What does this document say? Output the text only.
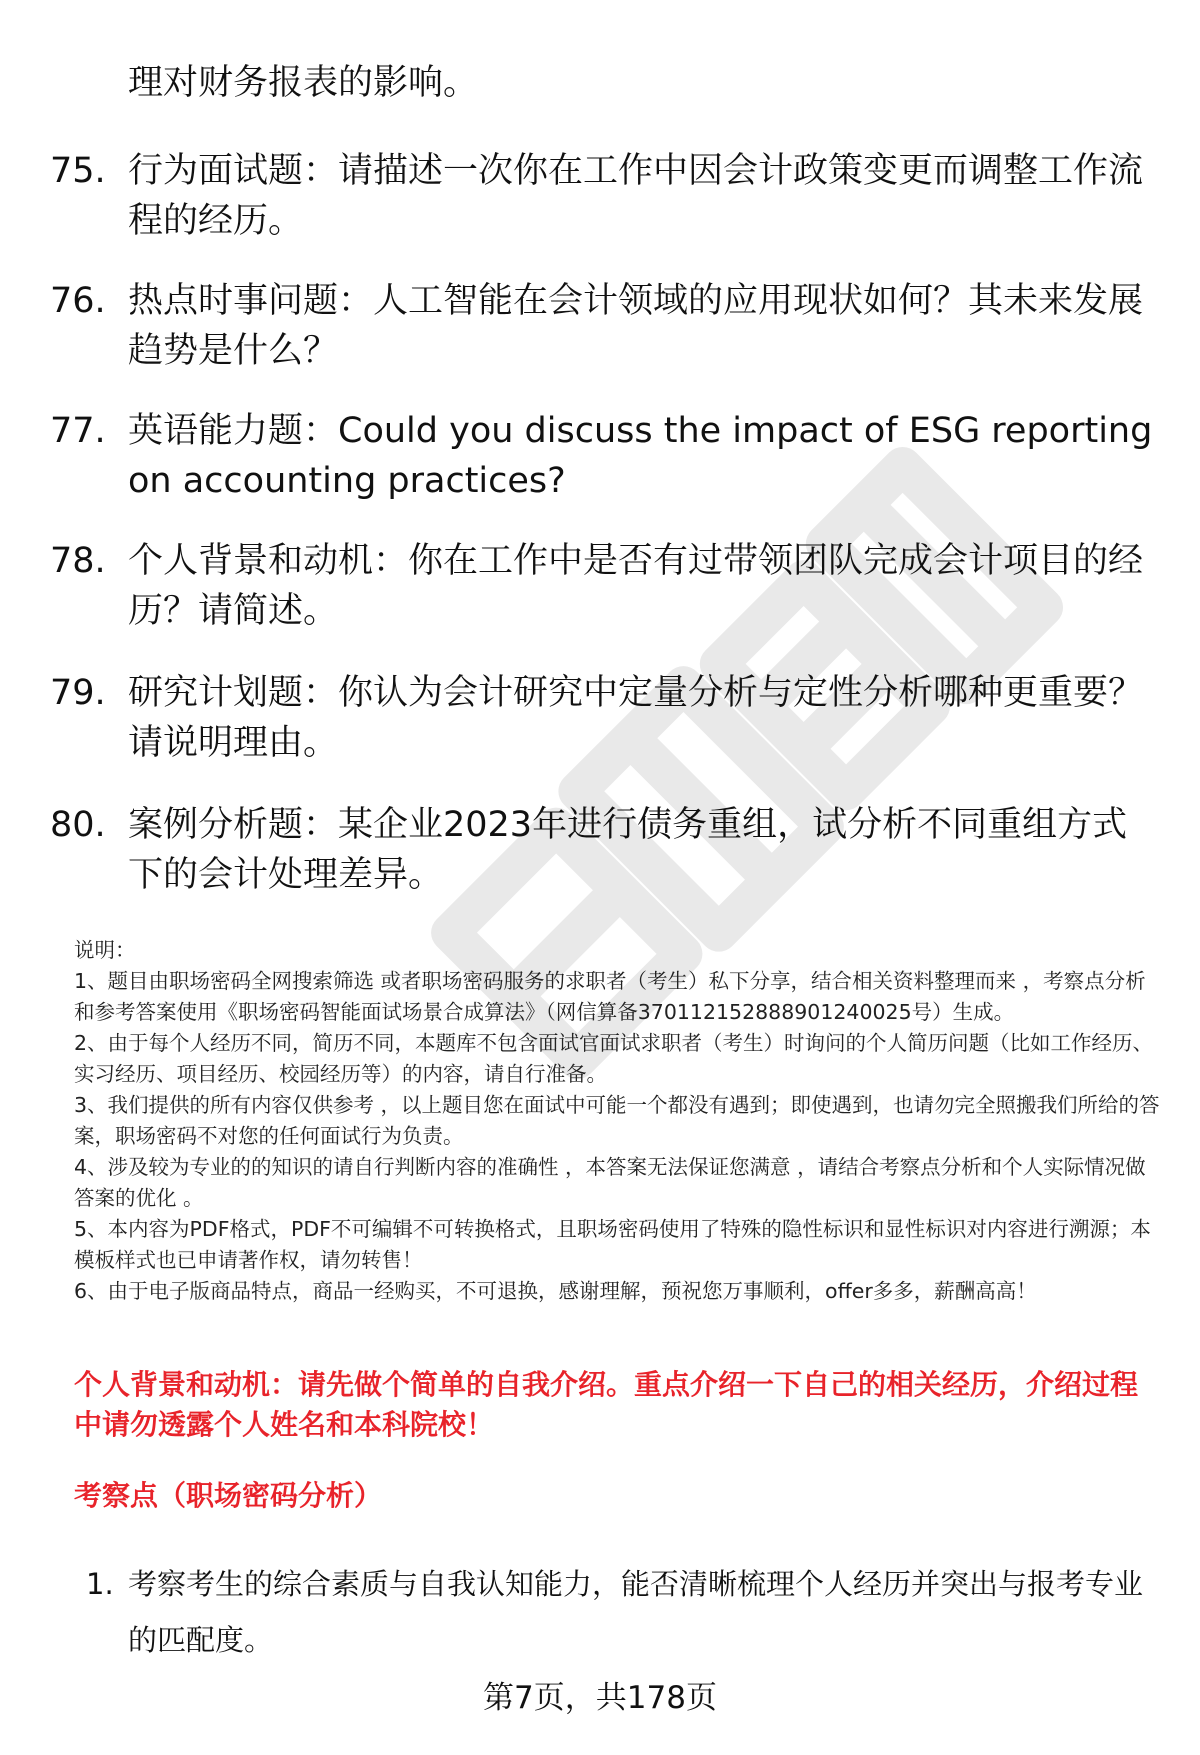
理对财务报表的影响。
75. 行为面试题：请描述一次你在工作中因会计政策变更而调整工作流程的经历。
76. 热点时事问题：人工智能在会计领域的应用现状如何？其未来发展趋势是什么？
77. 英语能力题：Could you discuss the impact of ESG reporting on accounting practices?
78. 个人背景和动机：你在工作中是否有过带领团队完成会计项目的经历？请简述。
79. 研究计划题：你认为会计研究中定量分析与定性分析哪种更重要？请说明理由。
80. 案例分析题：某企业2023年进行债务重组，试分析不同重组方式下的会计处理差异。
说明：
1、题目由职场密码全网搜索筛选 或者职场密码服务的求职者（考生）私下分享，结合相关资料整理而来 ，考察点分析和参考答案使用《职场密码智能面试场景合成算法》（网信算备370112152888901240025号）生成。
2、由于每个人经历不同，简历不同，本题库不包含面试官面试求职者（考生）时询问的个人简历问题（比如工作经历、实习经历、项目经历、校园经历等）的内容，请自行准备。
3、我们提供的所有内容仅供参考 ，以上题目您在面试中可能一个都没有遇到；即使遇到，也请勿完全照搬我们所给的答案，职场密码不对您的任何面试行为负责。
4、涉及较为专业的的知识的请自行判断内容的准确性 ，本答案无法保证您满意 ，请结合考察点分析和个人实际情况做答案的优化 。
5、本内容为PDF格式，PDF不可编辑不可转换格式，且职场密码使用了特殊的隐性标识和显性标识对内容进行溯源；本模板样式也已申请著作权，请勿转售！
6、由于电子版商品特点，商品一经购买，不可退换，感谢理解，预祝您万事顺利，offer多多，薪酬高高！
个人背景和动机：请先做个简单的自我介绍。重点介绍一下自己的相关经历，介绍过程中请勿透露个人姓名和本科院校！
考察点（职场密码分析）
1. 考察考生的综合素质与自我认知能力，能否清晰梳理个人经历并突出与报考专业的匹配度。
第7页，共178页
